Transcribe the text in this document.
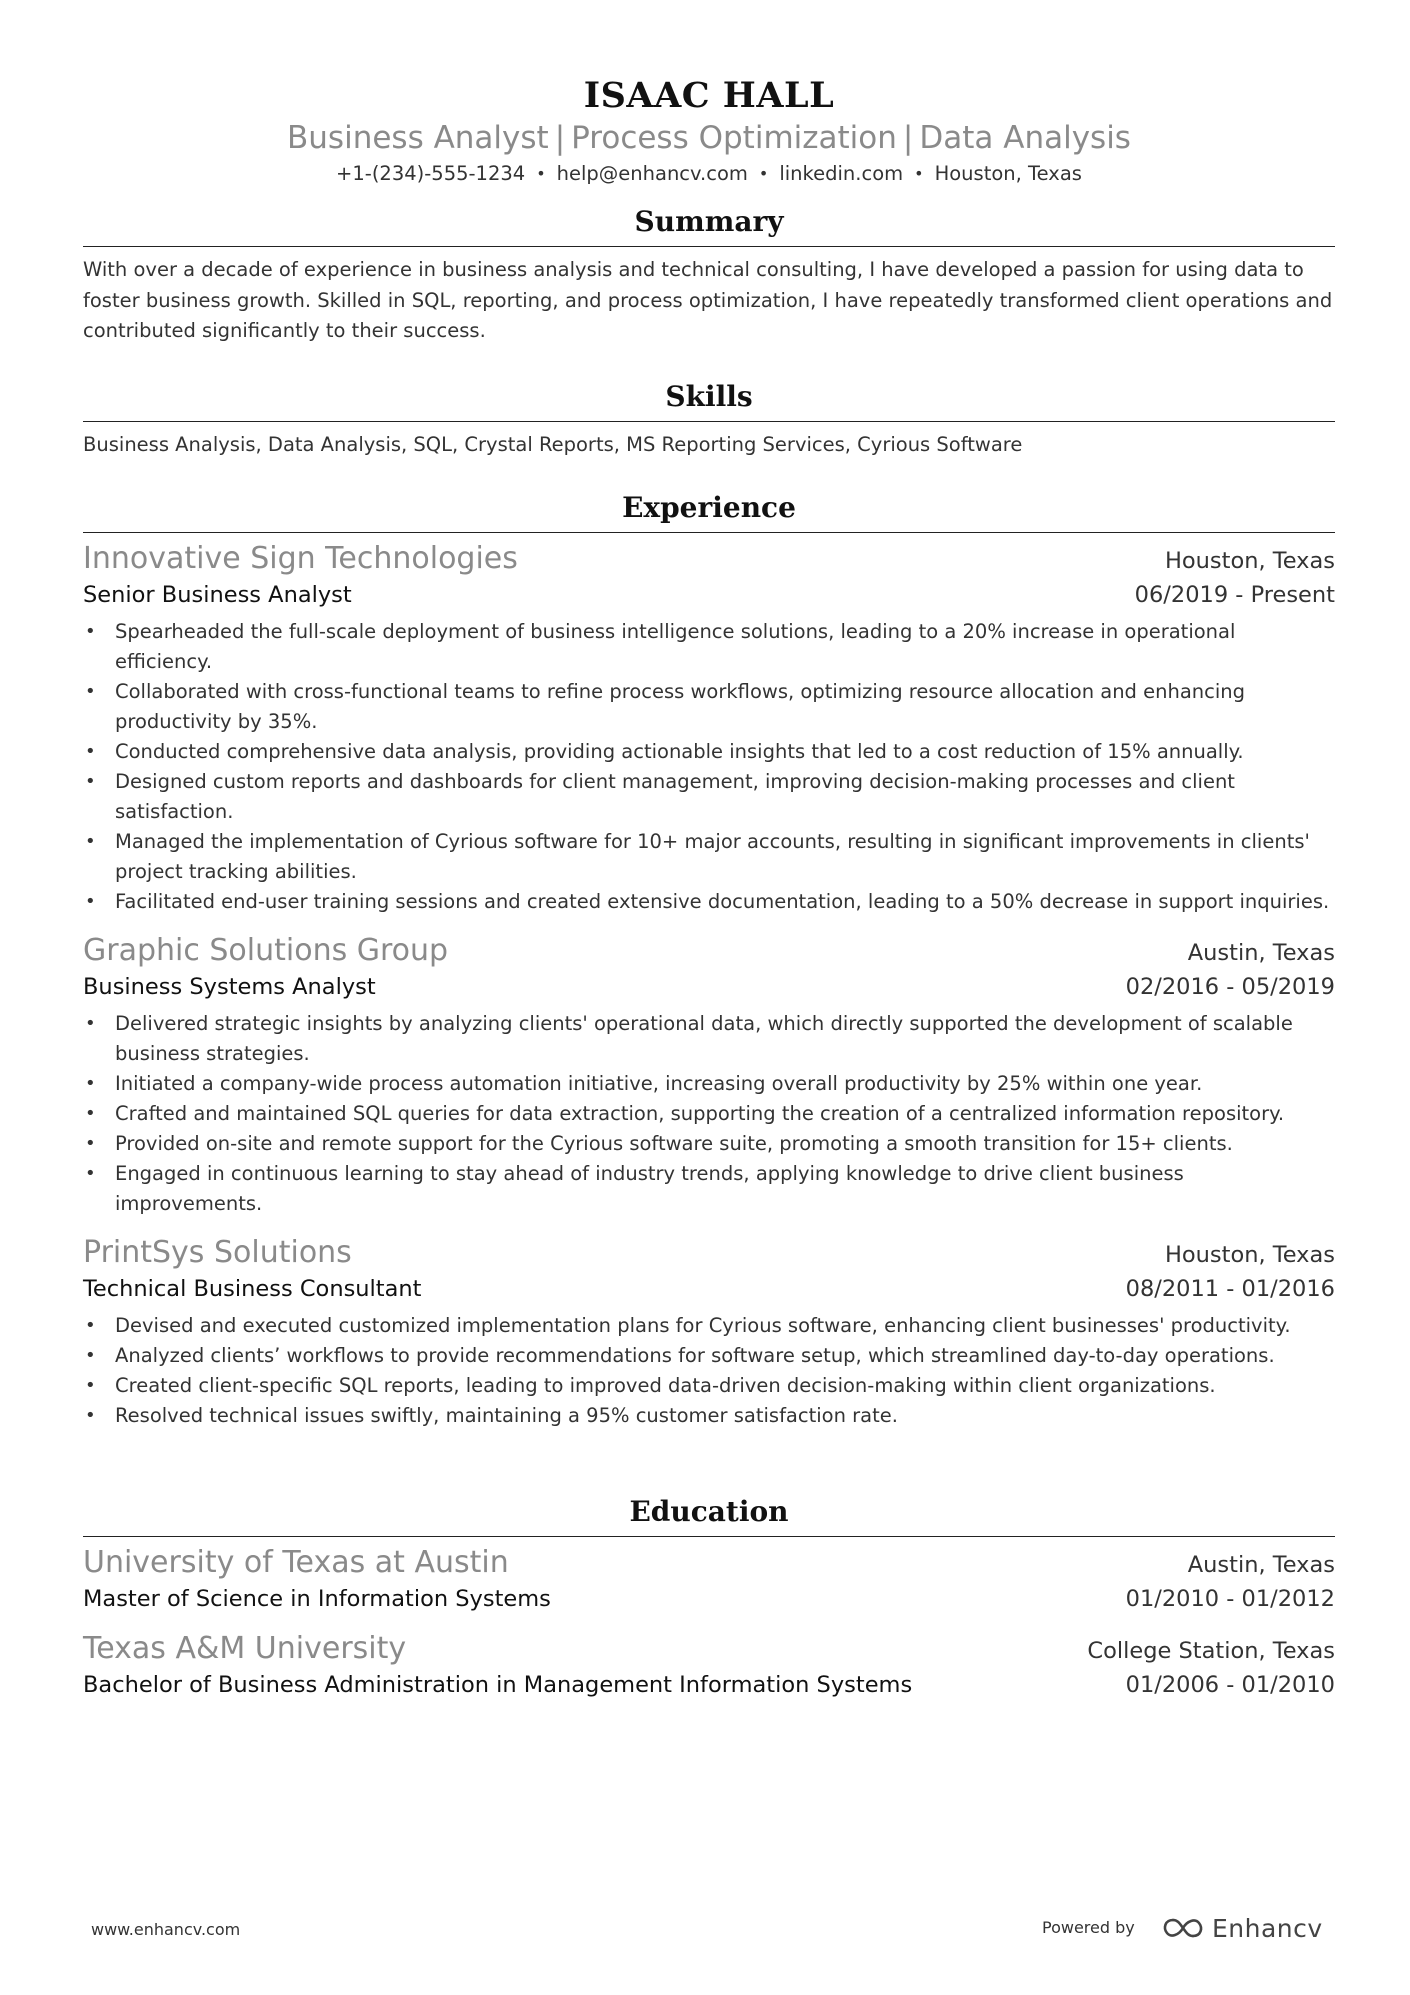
ISAAC HALL
Business Analyst | Process Optimization | Data Analysis
+1-(234)-555-1234 • help@enhancv.com • linkedin.com • Houston, Texas
Summary
With over a decade of experience in business analysis and technical consulting, I have developed a passion for using data to foster business growth. Skilled in SQL, reporting, and process optimization, I have repeatedly transformed client operations and contributed significantly to their success.
Skills
Business Analysis, Data Analysis, SQL, Crystal Reports, MS Reporting Services, Cyrious Software
Experience
Innovative Sign Technologies	Houston, Texas
Senior Business Analyst	06/2019 - Present
• Spearheaded the full-scale deployment of business intelligence solutions, leading to a 20% increase in operational efficiency.
• Collaborated with cross-functional teams to refine process workflows, optimizing resource allocation and enhancing productivity by 35%.
• Conducted comprehensive data analysis, providing actionable insights that led to a cost reduction of 15% annually.
• Designed custom reports and dashboards for client management, improving decision-making processes and client satisfaction.
• Managed the implementation of Cyrious software for 10+ major accounts, resulting in significant improvements in clients' project tracking abilities.
• Facilitated end-user training sessions and created extensive documentation, leading to a 50% decrease in support inquiries.
Graphic Solutions Group	Austin, Texas
Business Systems Analyst	02/2016 - 05/2019
• Delivered strategic insights by analyzing clients' operational data, which directly supported the development of scalable business strategies.
• Initiated a company-wide process automation initiative, increasing overall productivity by 25% within one year.
• Crafted and maintained SQL queries for data extraction, supporting the creation of a centralized information repository.
• Provided on-site and remote support for the Cyrious software suite, promoting a smooth transition for 15+ clients.
• Engaged in continuous learning to stay ahead of industry trends, applying knowledge to drive client business improvements.
PrintSys Solutions	Houston, Texas
Technical Business Consultant	08/2011 - 01/2016
• Devised and executed customized implementation plans for Cyrious software, enhancing client businesses' productivity.
• Analyzed clients’ workflows to provide recommendations for software setup, which streamlined day-to-day operations.
• Created client-specific SQL reports, leading to improved data-driven decision-making within client organizations.
• Resolved technical issues swiftly, maintaining a 95% customer satisfaction rate.
Education
University of Texas at Austin	Austin, Texas
Master of Science in Information Systems	01/2010 - 01/2012
Texas A&M University	College Station, Texas
Bachelor of Business Administration in Management Information Systems	01/2006 - 01/2010
www.enhancv.com	Powered by	Enhancv
